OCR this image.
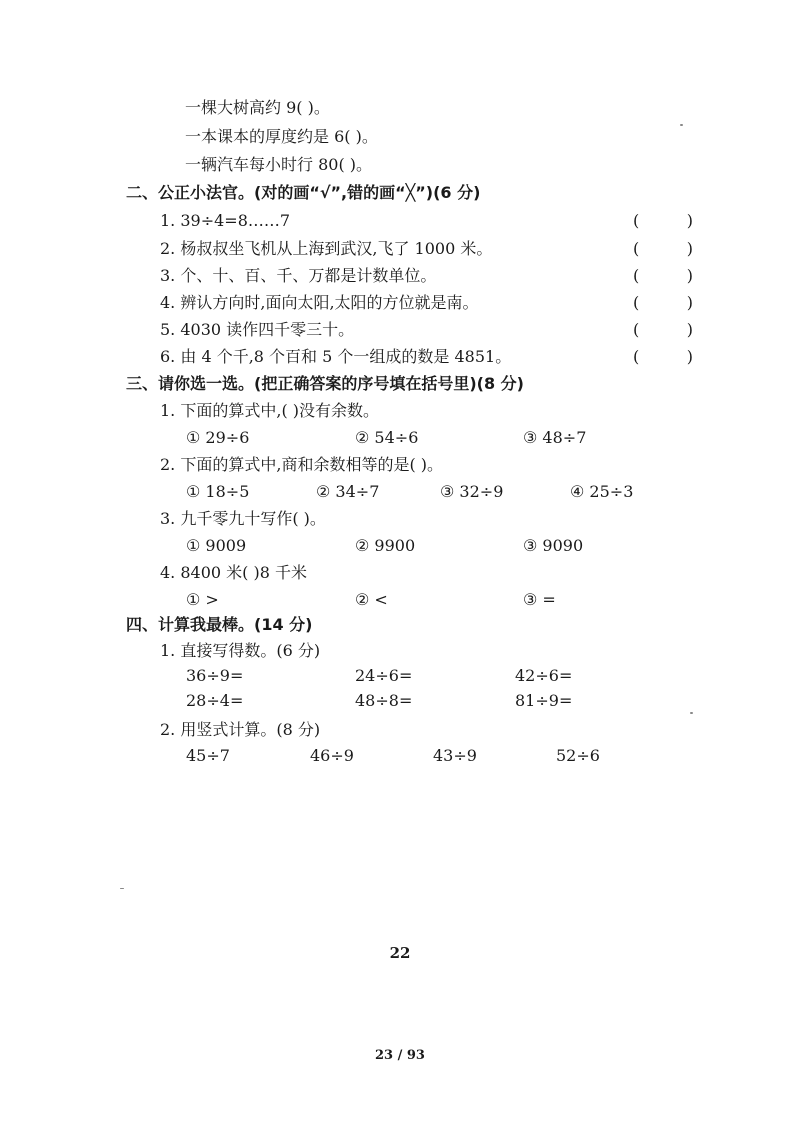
一棵大树高约 9( )。
一本课本的厚度约是 6( )。
一辆汽车每小时行 80( )。
二、公正小法官。(对的画“√”,错的画“╳”)(6 分)
1. 39÷4=8……7	(	)
2. 杨叔叔坐飞机从上海到武汉,飞了 1000 米。	(	)
3. 个、十、百、千、万都是计数单位。	(	)
4. 辨认方向时,面向太阳,太阳的方位就是南。	(	)
5. 4030 读作四千零三十。	(	)
6. 由 4 个千,8 个百和 5 个一组成的数是 4851。	(	)
三、请你选一选。(把正确答案的序号填在括号里)(8 分)
1. 下面的算式中,( )没有余数。
① 29÷6	② 54÷6	③ 48÷7
2. 下面的算式中,商和余数相等的是( )。
① 18÷5	② 34÷7	③ 32÷9	④ 25÷3
3. 九千零九十写作( )。
① 9009	② 9900	③ 9090
4. 8400 米( )8 千米
① >	② <	③ =
四、计算我最棒。(14 分)
1. 直接写得数。(6 分)
36÷9=	24÷6=	42÷6=
28÷4=	48÷8=	81÷9=
2. 用竖式计算。(8 分)
45÷7	46÷9	43÷9	52÷6
22
23 / 93
